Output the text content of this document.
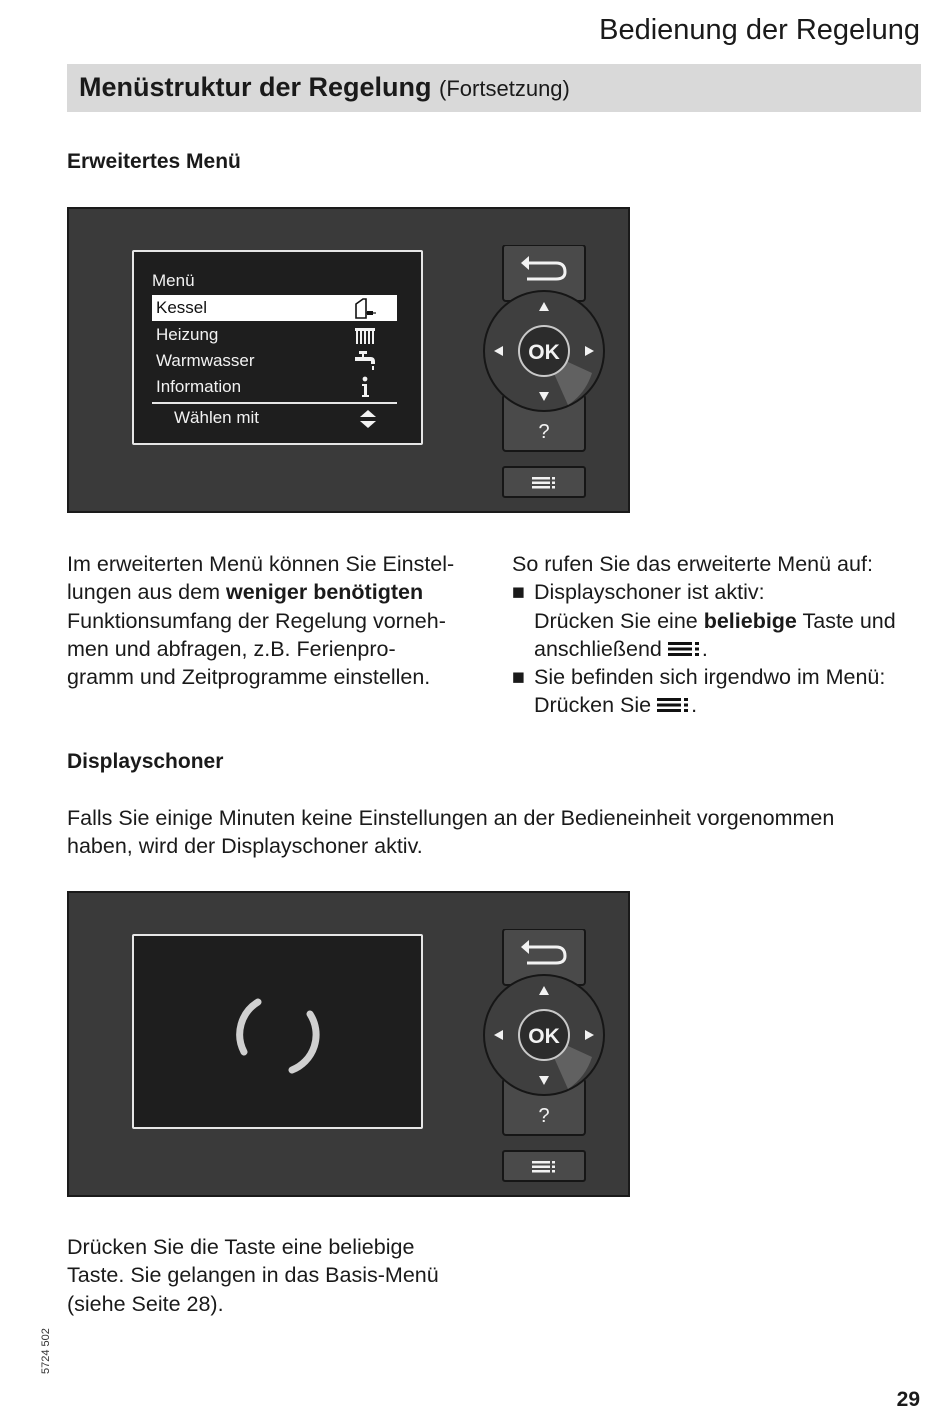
Bedienung der Regelung
Menüstruktur der Regelung (Fortsetzung)
Erweitertes Menü
Menü
Kessel
Heizung
Warmwasser
Information
Wählen mit
?
OK
Im erweiterten Menü können Sie Einstel-
lungen aus dem weniger benötigten
Funktionsumfang der Regelung vorneh-
men und abfragen, z.B. Ferienpro-
gramm und Zeitprogramme einstellen.
So rufen Sie das erweiterte Menü auf:
■ Displayschoner ist aktiv:
Drücken Sie eine beliebige Taste und
anschließend .
■ Sie befinden sich irgendwo im Menü:
Drücken Sie .
Displayschoner
Falls Sie einige Minuten keine Einstellungen an der Bedieneinheit vorgenommen
haben, wird der Displayschoner aktiv.
?
OK
Drücken Sie die Taste eine beliebige
Taste. Sie gelangen in das Basis-Menü
(siehe Seite 28).
5724 502
29
